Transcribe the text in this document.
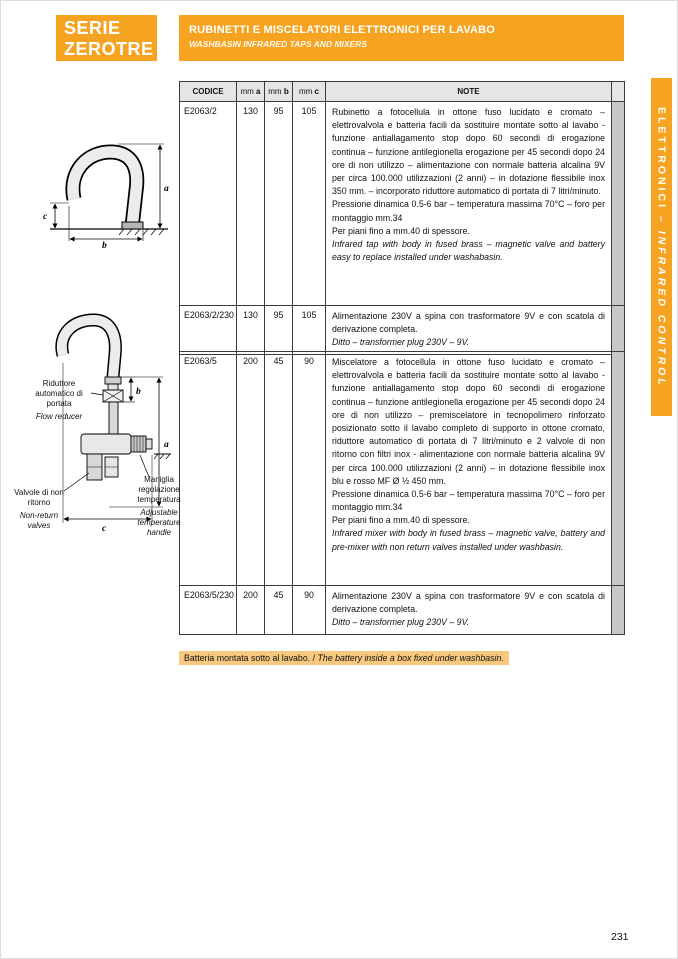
SERIE
ZEROTRE
RUBINETTI E MISCELATORI ELETTRONICI PER LAVABO
WASHBASIN INFRARED TAPS AND MIXERS
ELETTRONICI – INFRARED CONTROL
CODICE	mm a	mm b	mm c	NOTE	
E2063/2	130	95	105	Rubinetto a fotocellula in ottone fuso lucidato e cromato – elettrovalvola e batteria facili da sostituire montate sotto al lavabo - funzione antiallagamento stop dopo 60 secondi di erogazione continua – funzione antilegionella erogazione per 45 secondi dopo 24 ore di non utilizzo – alimentazione con normale batteria alcalina 9V per circa 100.000 utilizzazioni (2 anni) – in dotazione flessibile inox 350 mm. – incorporato riduttore automatico di portata di 7 litri/minuto.

Pressione dinamica 0.5-6 bar – temperatura massima 70°C – foro per montaggio mm.34

Per piani fino a mm.40 di spessore.

Infrared tap with body in fused brass – magnetic valve and battery easy to replace installed under washabasin.	

E2063/2/230	130	95	105	Alimentazione 230V a spina con trasformatore 9V e con scatola di derivazione completa.

Ditto – transformer plug 230V – 9V.	

E2063/5	200	45	90	Miscelatore a fotocellula in ottone fuso lucidato e cromato – elettrovalvola e batteria facili da sostituire montate sotto al lavabo - funzione antiallagamento stop dopo 60 secondi di erogazione continua – funzione antilegionella erogazione per 45 secondi dopo 24 ore di non utilizzo – premiscelatore in tecnopolimero rinforzato posizionato sotto il lavabo completo di supporto in ottone cromato, riduttore automatico di portata di 7 litri/minuto e 2 valvole di non ritorno con filtri inox - alimentazione con normale batteria alcalina 9V per circa 100.000 utilizzazioni (2 anni) – in dotazione flessibile inox blu e rosso MF Ø ½ 450 mm.

Pressione dinamica 0.5-6 bar – temperatura massima 70°C – foro per montaggio mm.34

Per piani fino a mm.40 di spessore.

Infrared mixer with body in fused brass – magnetic valve, battery and pre-mixer with non return valves installed under washbasin.	

E2063/5/230	200	45	90	Alimentazione 230V a spina con trasformatore 9V e con scatola di derivazione completa.

Ditto – transformer plug 230V – 9V.	

c
a
b
b
a
c
Riduttore automatico di portata
Flow reducer
Maniglia regolazione temperatura
Adjustable temperature handle
Valvole di non ritorno
Non-return valves
Batteria montata sotto al lavabo. / The battery inside a box fixed under washbasin.
231
